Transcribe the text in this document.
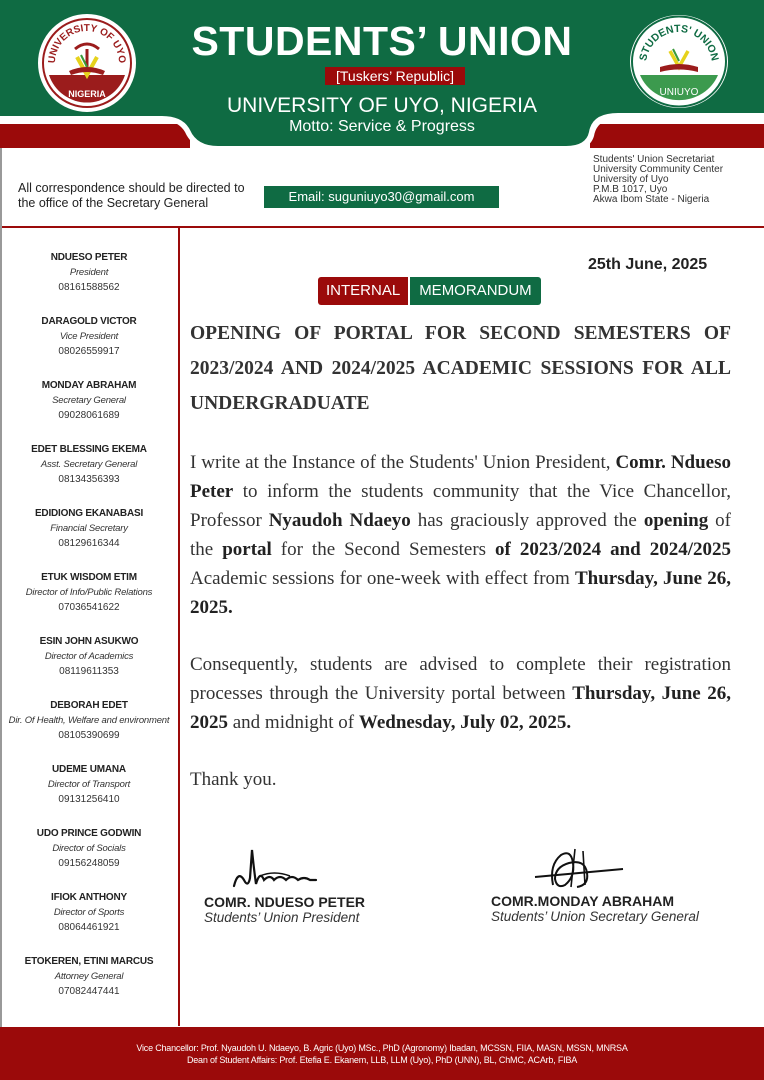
UNIVERSITY OF UYO
NIGERIA
STUDENTS' UNION
UNIUYO
STUDENTS’ UNION
[Tuskers’ Republic]
UNIVERSITY OF UYO, NIGERIA
Motto: Service & Progress
All correspondence should be directed to
the office of the Secretary General	Email: suguniuyo30@gmail.com
Students' Union Secretariat
University Community Center
University of Uyo
P.M.B 1017, Uyo
Akwa Ibom State - Nigeria
NDUESO PETER
President
08161588562
DARAGOLD VICTOR
Vice President
08026559917
MONDAY ABRAHAM
Secretary General
09028061689
EDET BLESSING EKEMA
Asst. Secretary General
08134356393
EDIDIONG EKANABASI
Financial Secretary
08129616344
ETUK WISDOM ETIM
Director of Info/Public Relations
07036541622
ESIN JOHN ASUKWO
Director of Academics
08119611353
DEBORAH EDET
Dir. Of Health, Welfare and environment
08105390699
UDEME UMANA
Director of Transport
09131256410
UDO PRINCE GODWIN
Director of Socials
09156248059
IFIOK ANTHONY
Director of Sports
08064461921
ETOKEREN, ETINI MARCUS
Attorney General
07082447441
25th June, 2025
INTERNAL	MEMORANDUM
OPENING OF PORTAL FOR SECOND SEMESTERS OF 2023/2024 AND 2024/2025 ACADEMIC SESSIONS FOR ALL UNDERGRADUATE
I write at the Instance of the Students' Union President, Comr. Ndueso Peter to inform the students community that the Vice Chancellor, Professor Nyaudoh Ndaeyo has graciously approved the opening of the portal for the Second Semesters of 2023/2024 and 2024/2025 Academic sessions for one-week with effect from Thursday, June 26, 2025.
Consequently, students are advised to complete their registration processes through the University portal between Thursday, June 26, 2025 and midnight of Wednesday, July 02, 2025.
Thank you.
COMR. NDUESO PETER
Students’ Union President
COMR.MONDAY ABRAHAM
Students’ Union Secretary General
Vice Chancellor: Prof. Nyaudoh U. Ndaeyo, B. Agric (Uyo) MSc., PhD (Agronomy) Ibadan, MCSSN, FIIA, MASN, MSSN, MNRSA
Dean of Student Affairs: Prof. Etefia E. Ekanem, LLB, LLM (Uyo), PhD (UNN), BL, ChMC, ACArb, FIBA
